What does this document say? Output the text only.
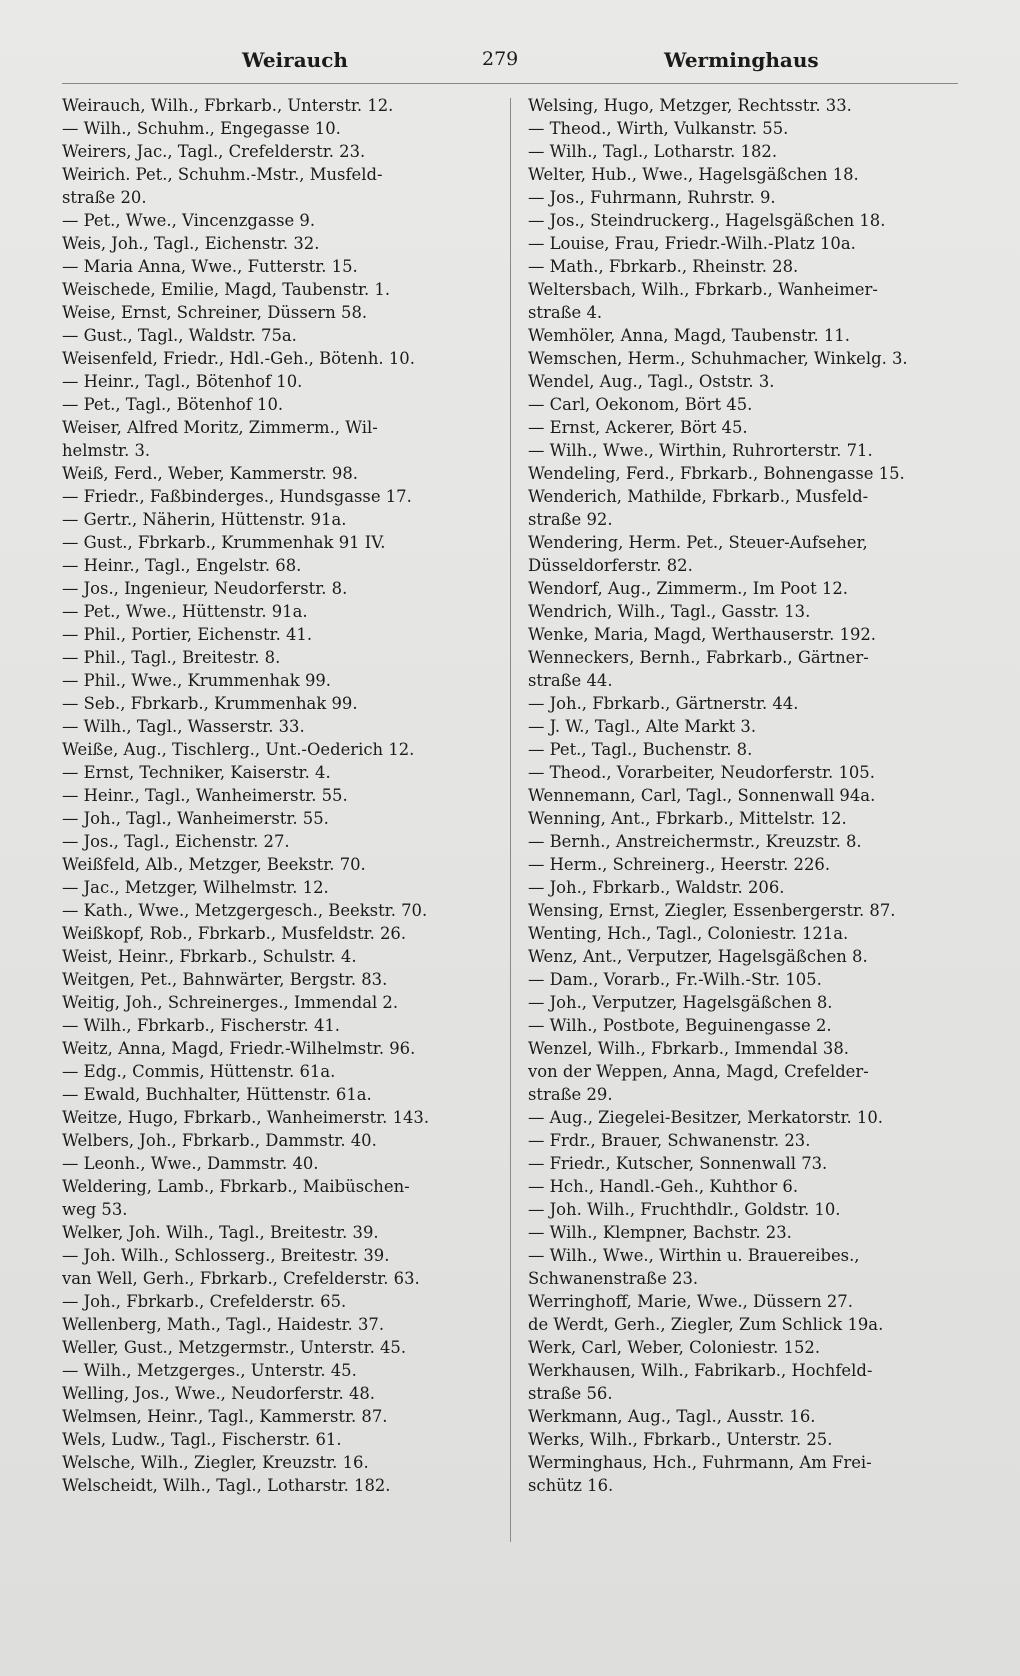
Weirauch	279	Werminghaus
Weirauch, Wilh., Fbrkarb., Unterstr. 12.
— Wilh., Schuhm., Engegasse 10.
Weirers, Jac., Tagl., Crefelderstr. 23.
Weirich. Pet., Schuhm.-Mstr., Musfeld-
straße 20.
— Pet., Wwe., Vincenzgasse 9.
Weis, Joh., Tagl., Eichenstr. 32.
— Maria Anna, Wwe., Futterstr. 15.
Weischede, Emilie, Magd, Taubenstr. 1.
Weise, Ernst, Schreiner, Düssern 58.
— Gust., Tagl., Waldstr. 75a.
Weisenfeld, Friedr., Hdl.-Geh., Bötenh. 10.
— Heinr., Tagl., Bötenhof 10.
— Pet., Tagl., Bötenhof 10.
Weiser, Alfred Moritz, Zimmerm., Wil-
helmstr. 3.
Weiß, Ferd., Weber, Kammerstr. 98.
— Friedr., Faßbinderges., Hundsgasse 17.
— Gertr., Näherin, Hüttenstr. 91a.
— Gust., Fbrkarb., Krummenhak 91 IV.
— Heinr., Tagl., Engelstr. 68.
— Jos., Ingenieur, Neudorferstr. 8.
— Pet., Wwe., Hüttenstr. 91a.
— Phil., Portier, Eichenstr. 41.
— Phil., Tagl., Breitestr. 8.
— Phil., Wwe., Krummenhak 99.
— Seb., Fbrkarb., Krummenhak 99.
— Wilh., Tagl., Wasserstr. 33.
Weiße, Aug., Tischlerg., Unt.-Oederich 12.
— Ernst, Techniker, Kaiserstr. 4.
— Heinr., Tagl., Wanheimerstr. 55.
— Joh., Tagl., Wanheimerstr. 55.
— Jos., Tagl., Eichenstr. 27.
Weißfeld, Alb., Metzger, Beekstr. 70.
— Jac., Metzger, Wilhelmstr. 12.
— Kath., Wwe., Metzgergesch., Beekstr. 70.
Weißkopf, Rob., Fbrkarb., Musfeldstr. 26.
Weist, Heinr., Fbrkarb., Schulstr. 4.
Weitgen, Pet., Bahnwärter, Bergstr. 83.
Weitig, Joh., Schreinerges., Immendal 2.
— Wilh., Fbrkarb., Fischerstr. 41.
Weitz, Anna, Magd, Friedr.-Wilhelmstr. 96.
— Edg., Commis, Hüttenstr. 61a.
— Ewald, Buchhalter, Hüttenstr. 61a.
Weitze, Hugo, Fbrkarb., Wanheimerstr. 143.
Welbers, Joh., Fbrkarb., Dammstr. 40.
— Leonh., Wwe., Dammstr. 40.
Weldering, Lamb., Fbrkarb., Maibüschen-
weg 53.
Welker, Joh. Wilh., Tagl., Breitestr. 39.
— Joh. Wilh., Schlosserg., Breitestr. 39.
van Well, Gerh., Fbrkarb., Crefelderstr. 63.
— Joh., Fbrkarb., Crefelderstr. 65.
Wellenberg, Math., Tagl., Haidestr. 37.
Weller, Gust., Metzgermstr., Unterstr. 45.
— Wilh., Metzgerges., Unterstr. 45.
Welling, Jos., Wwe., Neudorferstr. 48.
Welmsen, Heinr., Tagl., Kammerstr. 87.
Wels, Ludw., Tagl., Fischerstr. 61.
Welsche, Wilh., Ziegler, Kreuzstr. 16.
Welscheidt, Wilh., Tagl., Lotharstr. 182.
Welsing, Hugo, Metzger, Rechtsstr. 33.
— Theod., Wirth, Vulkanstr. 55.
— Wilh., Tagl., Lotharstr. 182.
Welter, Hub., Wwe., Hagelsgäßchen 18.
— Jos., Fuhrmann, Ruhrstr. 9.
— Jos., Steindruckerg., Hagelsgäßchen 18.
— Louise, Frau, Friedr.-Wilh.-Platz 10a.
— Math., Fbrkarb., Rheinstr. 28.
Weltersbach, Wilh., Fbrkarb., Wanheimer-
straße 4.
Wemhöler, Anna, Magd, Taubenstr. 11.
Wemschen, Herm., Schuhmacher, Winkelg. 3.
Wendel, Aug., Tagl., Oststr. 3.
— Carl, Oekonom, Bört 45.
— Ernst, Ackerer, Bört 45.
— Wilh., Wwe., Wirthin, Ruhrorterstr. 71.
Wendeling, Ferd., Fbrkarb., Bohnengasse 15.
Wenderich, Mathilde, Fbrkarb., Musfeld-
straße 92.
Wendering, Herm. Pet., Steuer-Aufseher,
Düsseldorferstr. 82.
Wendorf, Aug., Zimmerm., Im Poot 12.
Wendrich, Wilh., Tagl., Gasstr. 13.
Wenke, Maria, Magd, Werthauserstr. 192.
Wenneckers, Bernh., Fabrkarb., Gärtner-
straße 44.
— Joh., Fbrkarb., Gärtnerstr. 44.
— J. W., Tagl., Alte Markt 3.
— Pet., Tagl., Buchenstr. 8.
— Theod., Vorarbeiter, Neudorferstr. 105.
Wennemann, Carl, Tagl., Sonnenwall 94a.
Wenning, Ant., Fbrkarb., Mittelstr. 12.
— Bernh., Anstreichermstr., Kreuzstr. 8.
— Herm., Schreinerg., Heerstr. 226.
— Joh., Fbrkarb., Waldstr. 206.
Wensing, Ernst, Ziegler, Essenbergerstr. 87.
Wenting, Hch., Tagl., Coloniestr. 121a.
Wenz, Ant., Verputzer, Hagelsgäßchen 8.
— Dam., Vorarb., Fr.-Wilh.-Str. 105.
— Joh., Verputzer, Hagelsgäßchen 8.
— Wilh., Postbote, Beguinengasse 2.
Wenzel, Wilh., Fbrkarb., Immendal 38.
von der Weppen, Anna, Magd, Crefelder-
straße 29.
— Aug., Ziegelei-Besitzer, Merkatorstr. 10.
— Frdr., Brauer, Schwanenstr. 23.
— Friedr., Kutscher, Sonnenwall 73.
— Hch., Handl.-Geh., Kuhthor 6.
— Joh. Wilh., Fruchthdlr., Goldstr. 10.
— Wilh., Klempner, Bachstr. 23.
— Wilh., Wwe., Wirthin u. Brauereibes.,
Schwanenstraße 23.
Werringhoff, Marie, Wwe., Düssern 27.
de Werdt, Gerh., Ziegler, Zum Schlick 19a.
Werk, Carl, Weber, Coloniestr. 152.
Werkhausen, Wilh., Fabrikarb., Hochfeld-
straße 56.
Werkmann, Aug., Tagl., Ausstr. 16.
Werks, Wilh., Fbrkarb., Unterstr. 25.
Werminghaus, Hch., Fuhrmann, Am Frei-
schütz 16.
